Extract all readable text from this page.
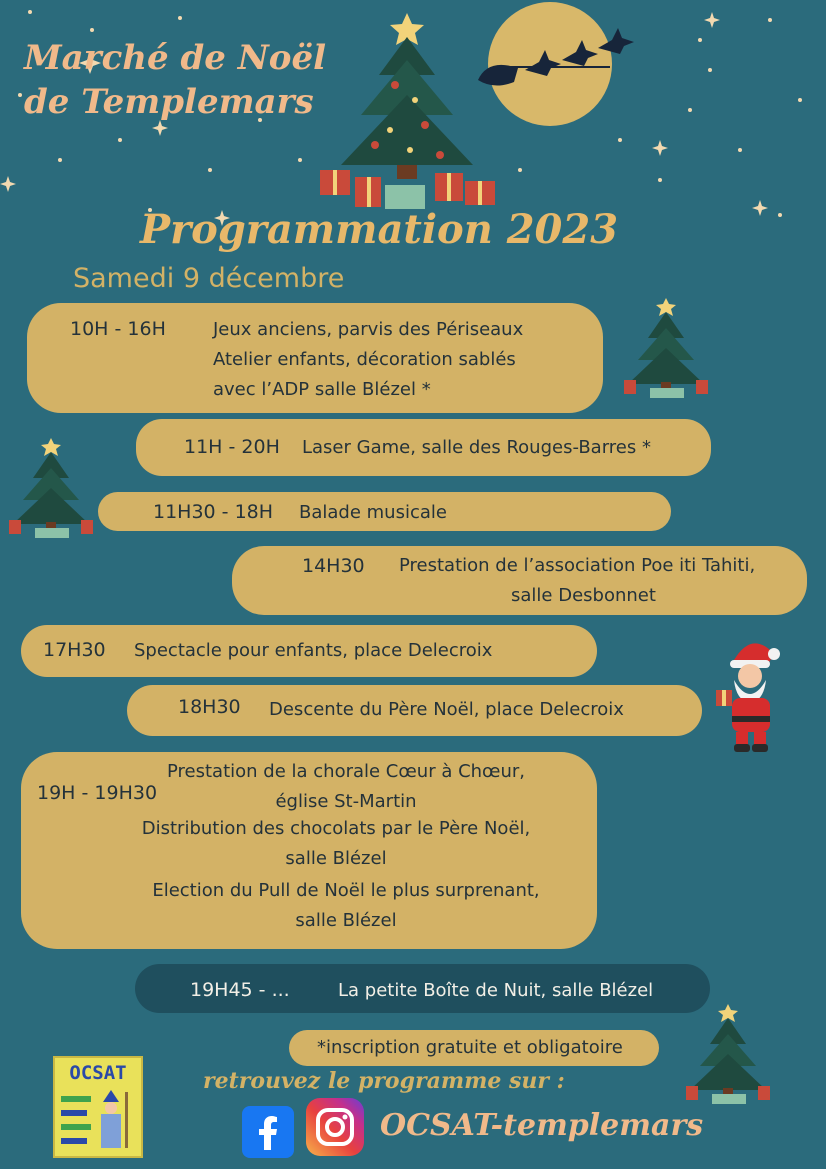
Marché de Noël
de Templemars
Programmation 2023
Samedi 9 décembre
10H - 16H	Jeux anciens, parvis des Périseaux
Atelier enfants, décoration sablés
avec l’ADP salle Blézel *
11H - 20H Laser Game, salle des Rouges-Barres *
11H30 - 18H Balade musicale
14H30 Prestation de l’association Poe iti Tahiti,
salle Desbonnet
17H30 Spectacle pour enfants, place Delecroix
18H30 Descente du Père Noël, place Delecroix
19H - 19H30
Prestation de la chorale Cœur à Chœur,
église St-Martin
Distribution des chocolats par le Père Noël,
salle Blézel
Election du Pull de Noël le plus surprenant,
salle Blézel
19H45 - ...	La petite Boîte de Nuit, salle Blézel
*inscription gratuite et obligatoire
OCSAT	retrouvez le programme sur :
OCSAT-templemars
